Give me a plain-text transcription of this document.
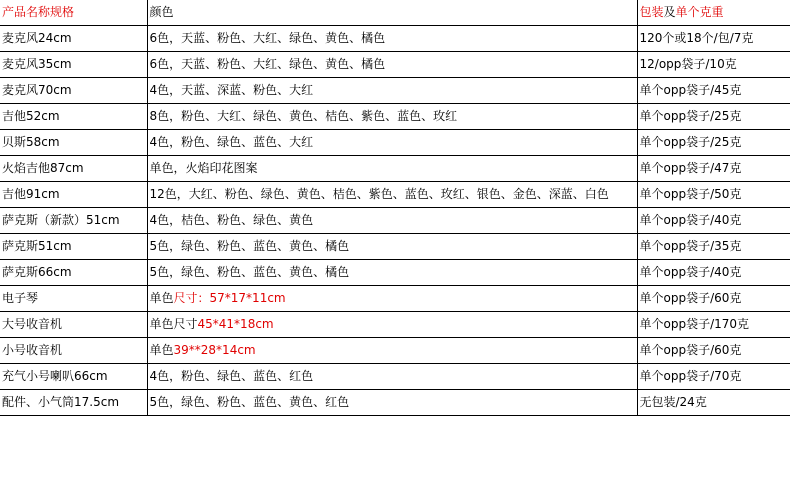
产品名称规格	颜色	包装及单个克重
麦克风24cm	6色，天蓝、粉色、大红、绿色、黄色、橘色	120个或18个/包/7克
麦克风35cm	6色，天蓝、粉色、大红、绿色、黄色、橘色	12/opp袋子/10克
麦克风70cm	4色，天蓝、深蓝、粉色、大红	单个opp袋子/45克
吉他52cm	8色，粉色、大红、绿色、黄色、桔色、紫色、蓝色、玫红	单个opp袋子/25克
贝斯58cm	4色，粉色、绿色、蓝色、大红	单个opp袋子/25克
火焰吉他87cm	单色，火焰印花图案	单个opp袋子/47克
吉他91cm	12色，大红、粉色、绿色、黄色、桔色、紫色、蓝色、玫红、银色、金色、深蓝、白色	单个opp袋子/50克
萨克斯（新款）51cm	4色，桔色、粉色、绿色、黄色	单个opp袋子/40克
萨克斯51cm	5色，绿色、粉色、蓝色、黄色、橘色	单个opp袋子/35克
萨克斯66cm	5色，绿色、粉色、蓝色、黄色、橘色	单个opp袋子/40克
电子琴	单色尺寸：57*17*11cm	单个opp袋子/60克
大号收音机	单色尺寸45*41*18cm	单个opp袋子/170克
小号收音机	单色39**28*14cm	单个opp袋子/60克
充气小号喇叭66cm	4色，粉色、绿色、蓝色、红色	单个opp袋子/70克
配件、小气筒17.5cm	5色，绿色、粉色、蓝色、黄色、红色	无包装/24克
